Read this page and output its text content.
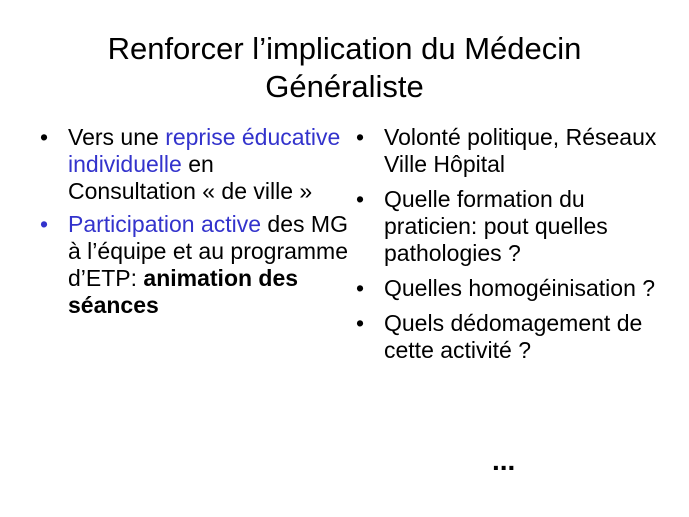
Renforcer l’implication du Médecin
Généraliste
• Vers une reprise éducative individuelle en Consultation « de ville »
• Participation active des MG à l’équipe et au programme d’ETP: animation des séances
• Volonté politique, Réseaux Ville Hôpital
• Quelle formation du praticien: pout quelles pathologies ?
• Quelles homogéinisation ?
• Quels dédomagement de cette activité ?
...
